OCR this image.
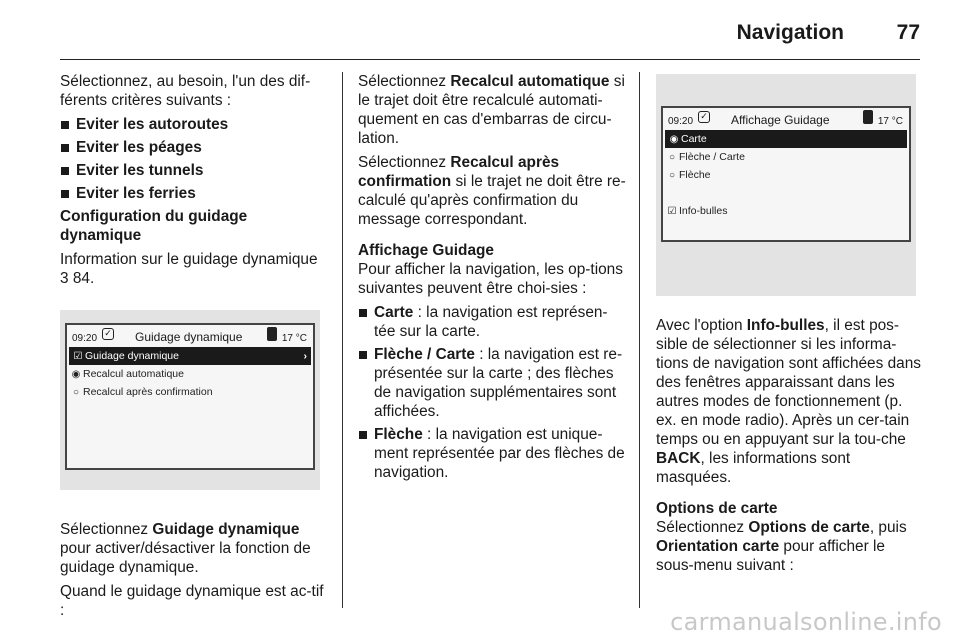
Navigation	77

Sélectionnez, au besoin, l'un des dif-férents critères suivants :

Eviter les autoroutes
Eviter les péages
Eviter les tunnels
Eviter les ferries

Configuration du guidage dynamique

Information sur le guidage dynamique
3 84.

09:20 ✓ Guidage dynamique	17 °C
☑ Guidage dynamique	›
◉ Recalcul automatique
○ Recalcul après confirmation

Sélectionnez Guidage dynamique pour activer/désactiver la fonction de guidage dynamique.

Quand le guidage dynamique est ac-tif :

Sélectionnez Recalcul automatique si le trajet doit être recalculé automati-quement en cas d'embarras de circu-lation.

Sélectionnez Recalcul après confirmation si le trajet ne doit être re-calculé qu'après confirmation du message correspondant.

Affichage Guidage

Pour afficher la navigation, les op-tions suivantes peuvent être choi-sies :

Carte : la navigation est représen-tée sur la carte.
Flèche / Carte : la navigation est re-présentée sur la carte ; des flèches de navigation supplémentaires sont affichées.
Flèche : la navigation est unique-ment représentée par des flèches de navigation.
09:20 ✓ Affichage Guidage	17 °C
◉ Carte
○ Flèche / Carte
○ Flèche
☑ Info-bulles

Avec l'option Info-bulles, il est pos-sible de sélectionner si les informa-tions de navigation sont affichées dans des fenêtres apparaissant dans les autres modes de fonctionnement (p. ex. en mode radio). Après un cer-tain temps ou en appuyant sur la tou-che BACK, les informations sont masquées.

Options de carte

Sélectionnez Options de carte, puis Orientation carte pour afficher le sous-menu suivant :

carmanualsonline.info
